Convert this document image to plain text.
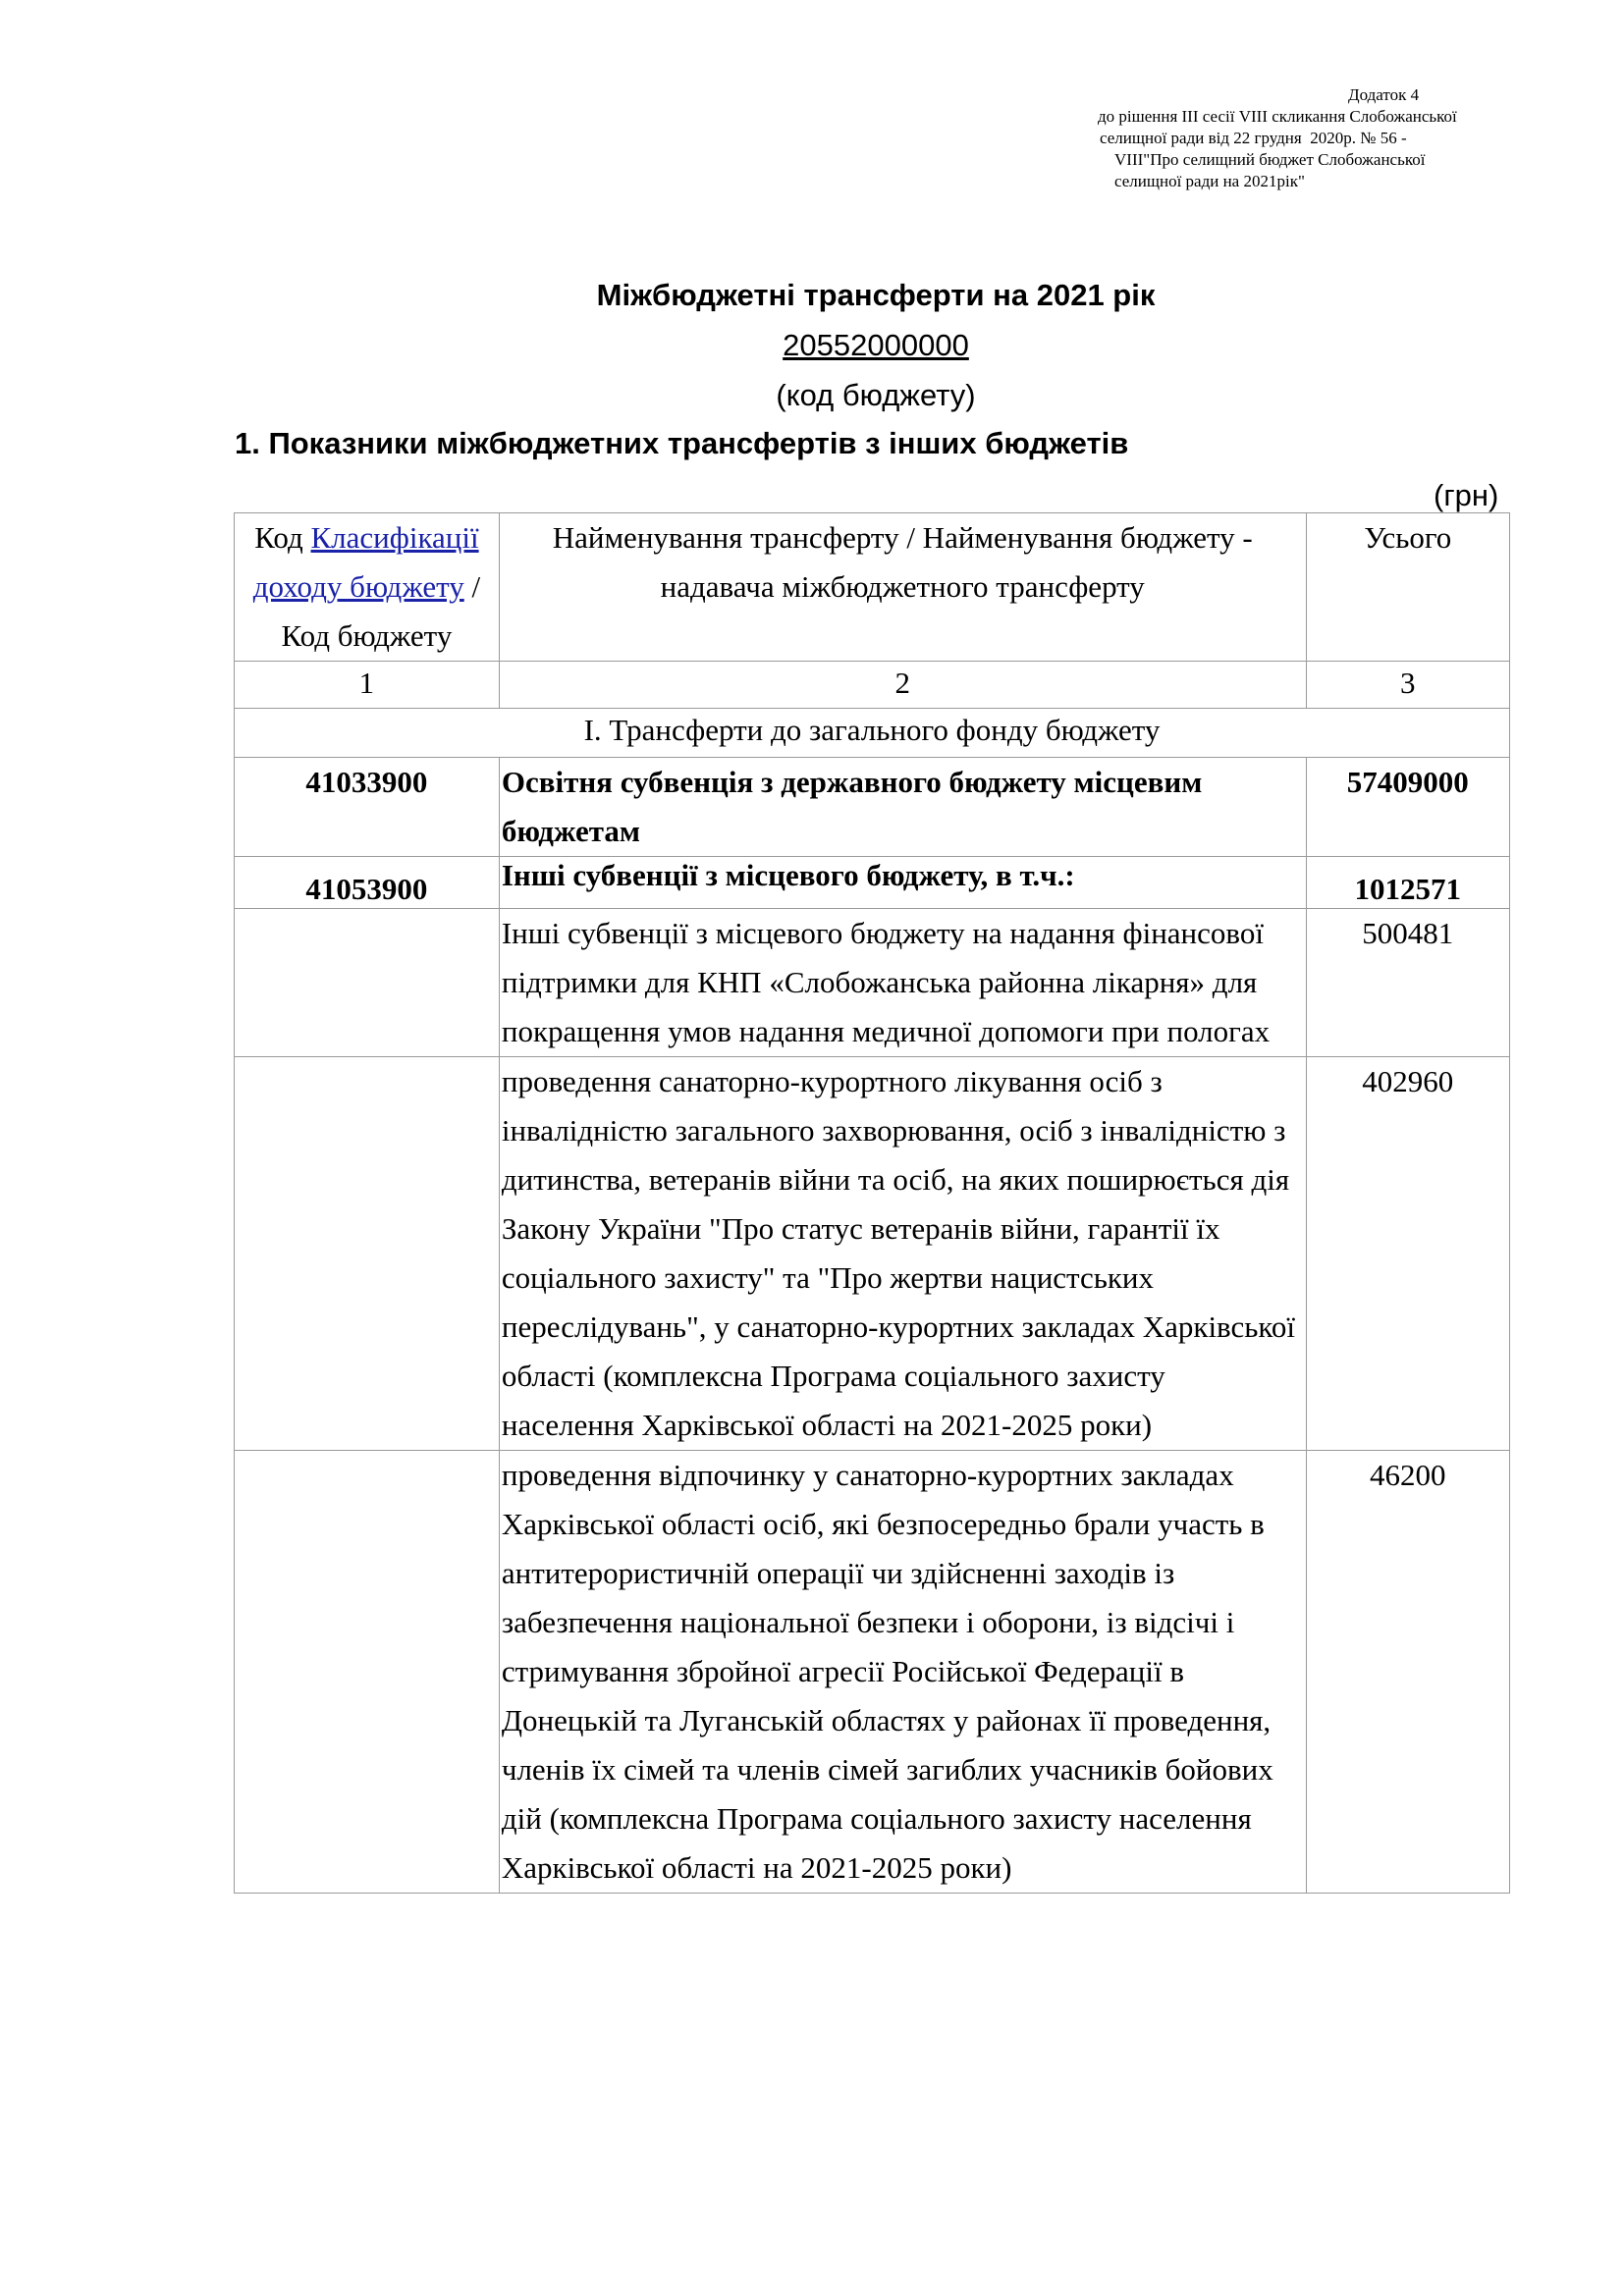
Додаток 4
до рішення ІІІ сесії VIIІ скликання Слобожанської
селищної ради від 22 грудня  2020р. № 56 -
VIII"Про селищний бюджет Слобожанської
селищної ради на 2021рік"
Міжбюджетні трансферти на 2021 рік
20552000000
(код бюджету)
1. Показники міжбюджетних трансфертів з інших бюджетів
(грн)
Код Класифікації доходу бюджету / Код бюджету	Найменування трансферту / Найменування бюджету - надавача міжбюджетного трансферту	Усього
1	2	3
І. Трансферти до загального фонду бюджету		
41033900	Освітня субвенція з державного бюджету місцевим бюджетам	57409000
41053900	Інші субвенції з місцевого бюджету, в т.ч.:	1012571
	Інші субвенції з місцевого бюджету на надання фінансової підтримки для КНП «Слобожанська районна лікарня» для покращення умов надання медичної допомоги при пологах	500481
	проведення санаторно-курортного лікування осіб з інвалідністю загального захворювання, осіб з інвалідністю з дитинства, ветеранів війни та осіб, на яких поширюється дія Закону України "Про статус ветеранів війни, гарантії їх соціального захисту" та "Про жертви нацистських переслідувань", у санаторно-курортних закладах Харківської області (комплексна Програма соціального захисту населення Харківської області на 2021-2025 роки)	402960
	проведення відпочинку у санаторно-курортних закладах Харківської області осіб, які безпосередньо брали участь в антитерористичній операції чи здійсненні заходів із забезпечення національної безпеки і оборони, із відсічі і стримування збройної агресії Російської Федерації в Донецькій та Луганській областях у районах її проведення, членів їх сімей та членів сімей загиблих учасників бойових дій (комплексна Програма соціального захисту населення Харківської області на 2021-2025 роки)	46200
